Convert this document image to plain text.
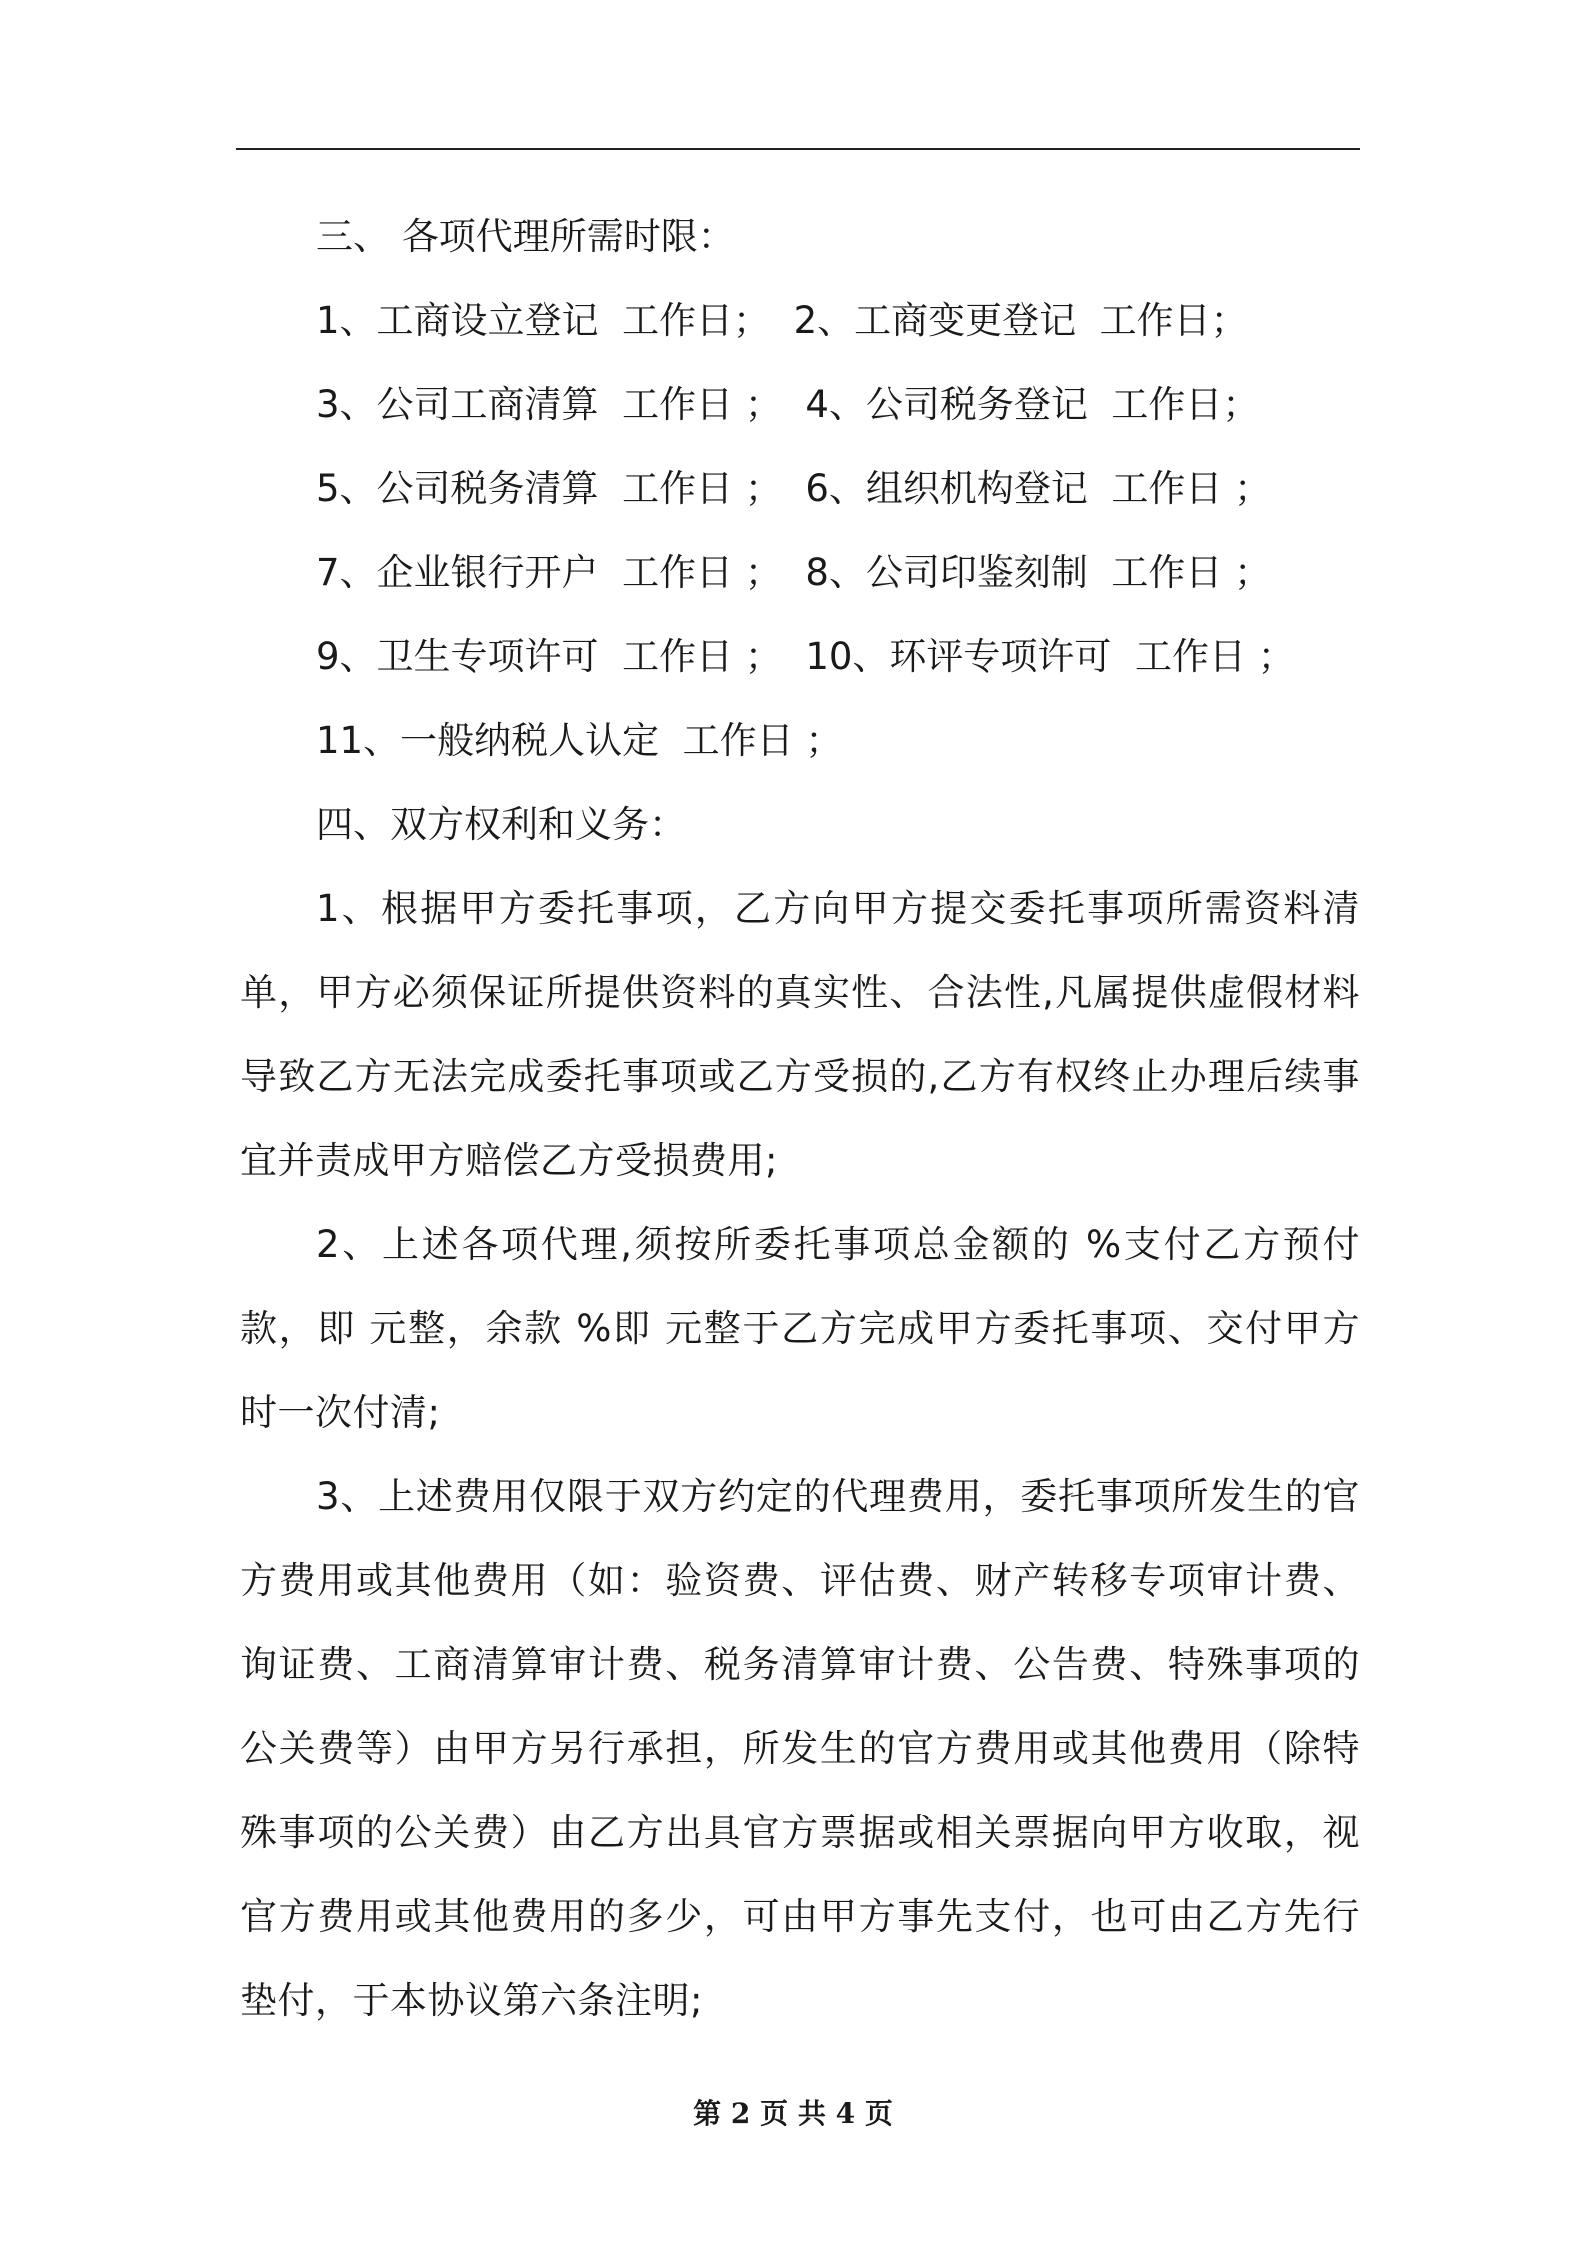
三、 各项代理所需时限：
1、工商设立登记  工作日；  2、工商变更登记  工作日；
3、公司工商清算  工作日 ；  4、公司税务登记  工作日；
5、公司税务清算  工作日 ；  6、组织机构登记  工作日 ；
7、企业银行开户  工作日 ；  8、公司印鉴刻制  工作日 ；
9、卫生专项许可  工作日 ；  10、环评专项许可  工作日 ；
11、一般纳税人认定  工作日 ；
四、双方权利和义务：

1、根据甲方委托事项，乙方向甲方提交委托事项所需资料清单，甲方必须保证所提供资料的真实性、合法性,凡属提供虚假材料导致乙方无法完成委托事项或乙方受损的,乙方有权终止办理后续事宜并责成甲方赔偿乙方受损费用;

2、上述各项代理,须按所委托事项总金额的 %支付乙方预付款，即 元整，余款 %即 元整于乙方完成甲方委托事项、交付甲方时一次付清;

3、上述费用仅限于双方约定的代理费用，委托事项所发生的官方费用或其他费用（如：验资费、评估费、财产转移专项审计费、询证费、工商清算审计费、税务清算审计费、公告费、特殊事项的公关费等）由甲方另行承担，所发生的官方费用或其他费用（除特殊事项的公关费）由乙方出具官方票据或相关票据向甲方收取，视官方费用或其他费用的多少，可由甲方事先支付，也可由乙方先行垫付，于本协议第六条注明;

第 2 页 共 4 页
